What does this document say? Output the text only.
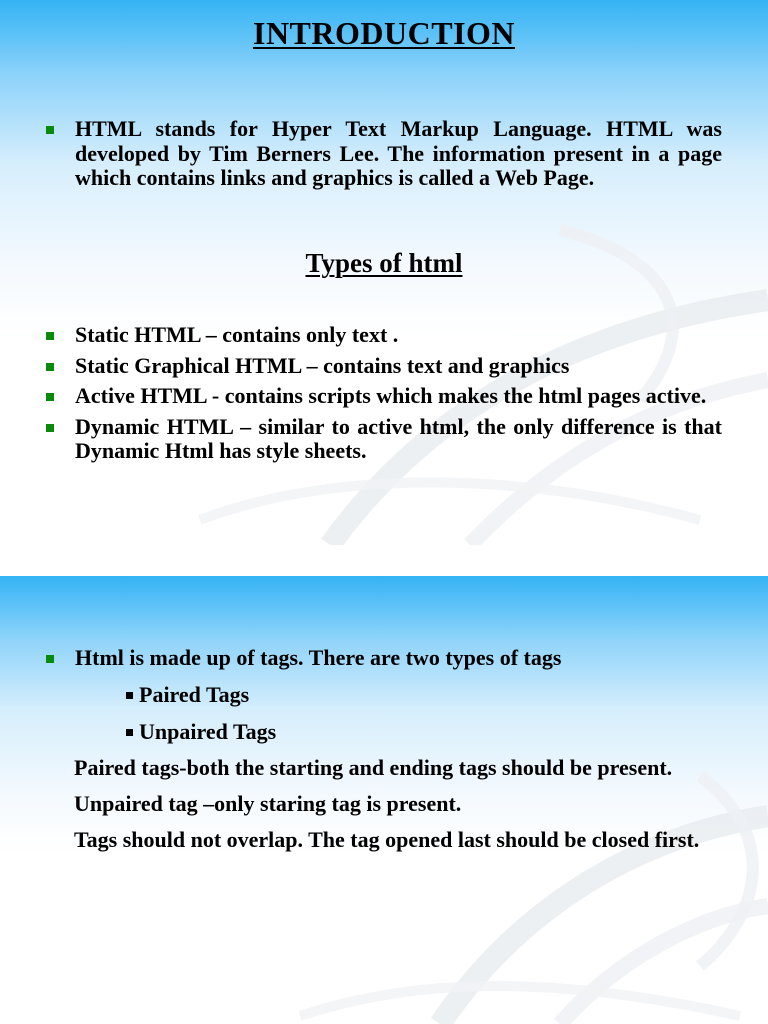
INTRODUCTION
HTML stands for Hyper Text Markup Language. HTML was developed by Tim Berners Lee. The information present in a page which contains links and graphics is called a Web Page.
Types of html
Static HTML – contains only text .
Static Graphical HTML – contains text and graphics
Active HTML - contains scripts which makes the html pages active.
Dynamic HTML – similar to active html, the only difference is that Dynamic Html has style sheets.
Html is made up of tags. There are two types of tags
Paired Tags
Unpaired Tags
Paired tags-both the starting and ending tags should be present.
Unpaired tag –only staring tag is present.
Tags should not overlap. The tag opened last should be closed first.
